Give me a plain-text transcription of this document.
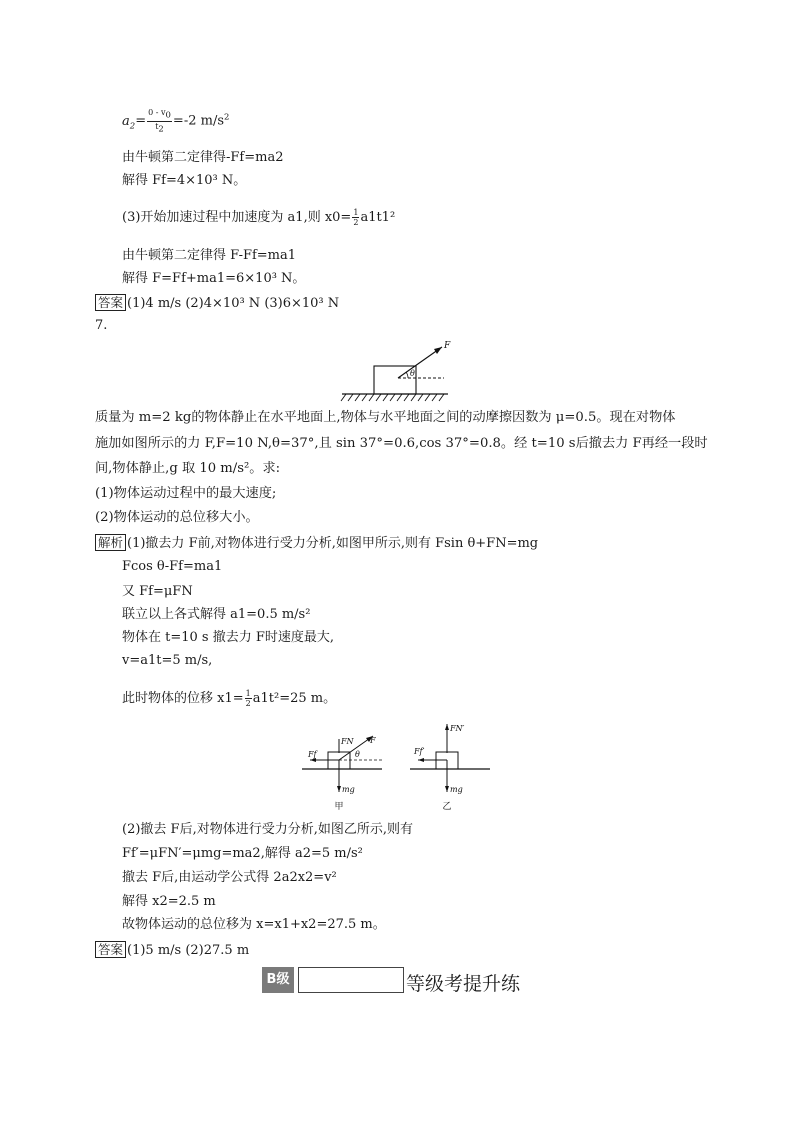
$a_2= \frac{0 - v_0}{t_2} =-2$ $m/s^2$
由牛顿第二定律得-Ff=ma2
解得 Ff=4×10³ N。
(3)开始加速过程中加速度为 a1,则 $x0= \frac{1}{2} a1t1^2$
由牛顿第二定律得 F-Ff=ma1
解得 F=Ff+ma1=6×10³ N。
答案 (1)4 m/s (2)4×10³ N (3)6×10³ N
7.
F
θ
质量为 m=2 kg的物体静止在水平地面上,物体与水平地面之间的动摩擦因数为 μ=0.5。现在对物体
施加如图所示的力 F,F=10 N,θ=37°,且 sin 37°=0.6,cos 37°=0.8。经 t=10 s后撤去力 F再经一段时
间,物体静止,g 取 10 m/s²。求:
(1)物体运动过程中的最大速度;
(2)物体运动的总位移大小。
解析 (1)撤去力 F前,对物体进行受力分析,如图甲所示,则有 Fsin θ+FN=mg
Fcos θ-Ff=ma1
又 Ff=μFN
联立以上各式解得 a1=0.5 m/s²
物体在 t=10 s 撤去力 F时速度最大,
v=a1t=5 m/s,
此时物体的位移 $x1= \frac{1}{2} a1t^2=25$ m。
FN F
Ff	θ
mg
甲
FN′
Ff′
mg
乙
(2)撤去 F后,对物体进行受力分析,如图乙所示,则有
Ff′=μFN′=μmg=ma2,解得 a2=5 m/s²
撤去 F后,由运动学公式得 2a2x2=v²
解得 x2=2.5 m
故物体运动的总位移为 x=x1+x2=27.5 m。
答案 (1)5 m/s (2)27.5 m
B级	等级考提升练
